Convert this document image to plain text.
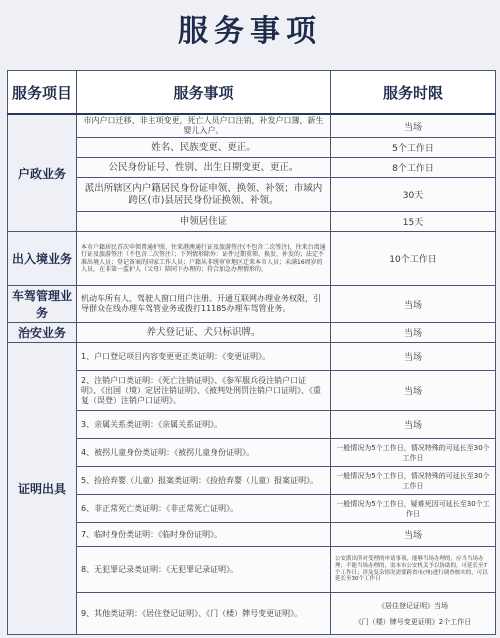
服务事项
服务项目	服务事项	服务时限
户政业务	市内户口迁移、非主项变更，死亡人员户口注销，补发户口簿，新生婴儿入户。	当场
	姓名、民族变更、更正。	5个工作日
	公民身份证号、性别、出生日期变更、更正。	8个工作日
	派出所辖区内户籍居民身份证申领、换领、补领；市域内跨区(市)县居民身份证换领、补领。	30天
	申领居住证	15天
出入境业务	本市户籍居民首次申领普通护照、往来港澳通行证及旅游签注(不包含二次签注)、往来台湾通行证及旅游签注（不包含二次签注）；下列情形除外：证件过期重领、换发、补发的；法定不准出境人员；登记备案的国家工作人员；户籍从非统审审地区迁来本市人员；未满16周岁的人员，在非第一监护人（父母）陪同下办理的；符合加急办理情形的。	10个工作日
车驾管理业务	机动车所有人、驾驶人窗口用户注册。开通互联网办理业务权限，引导群众在线办理车驾管业务或拨打11185办理车驾管业务。	当场
治安业务	养犬登记证、犬只标识牌。	当场
证明出具	1、户口登记项目内容变更更正类证明：《变更证明》。	当场
	2、注销户口类证明：《死亡注销证明》、《参军服兵役注销户口证明》、《出国（境）定居注销证明》、《被判处刑罚注销户口证明》、《重复（误登）注销户口证明》。	当场
	3、亲属关系类证明：《亲属关系证明》。	当场
	4、被拐儿童身份类证明：《被拐儿童身份证明》。	一般情况为5个工作日，情况特殊的可延长至30个工作日
	5、捡拾弃婴（儿童）报案类证明：《捡拾弃婴（儿童）报案证明》。	一般情况为5个工作日，情况特殊的可延长至30个工作日
	6、非正常死亡类证明：《非正常死亡证明》。	一般情况为5个工作日，疑难死因可延长至30个工作日
	7、临时身份类证明：《临时身份证明》。	当场
	8、无犯罪记录类证明：《无犯罪记录证明》。	公安派出所对受理的申请事项，能够当场办理的，应当当场办理；不能当场办理的，需本市公安机关予以协助的，可延长至7个工作日；涉及复杂情况需要跨省市(州)进行调查核实的，可以延长至30个工作日
	9、其他类证明：《居住登记证明》、《门（楼）牌号变更证明》。	《居住登记证明》当场
《门（楼）牌号变更证明》2个工作日
